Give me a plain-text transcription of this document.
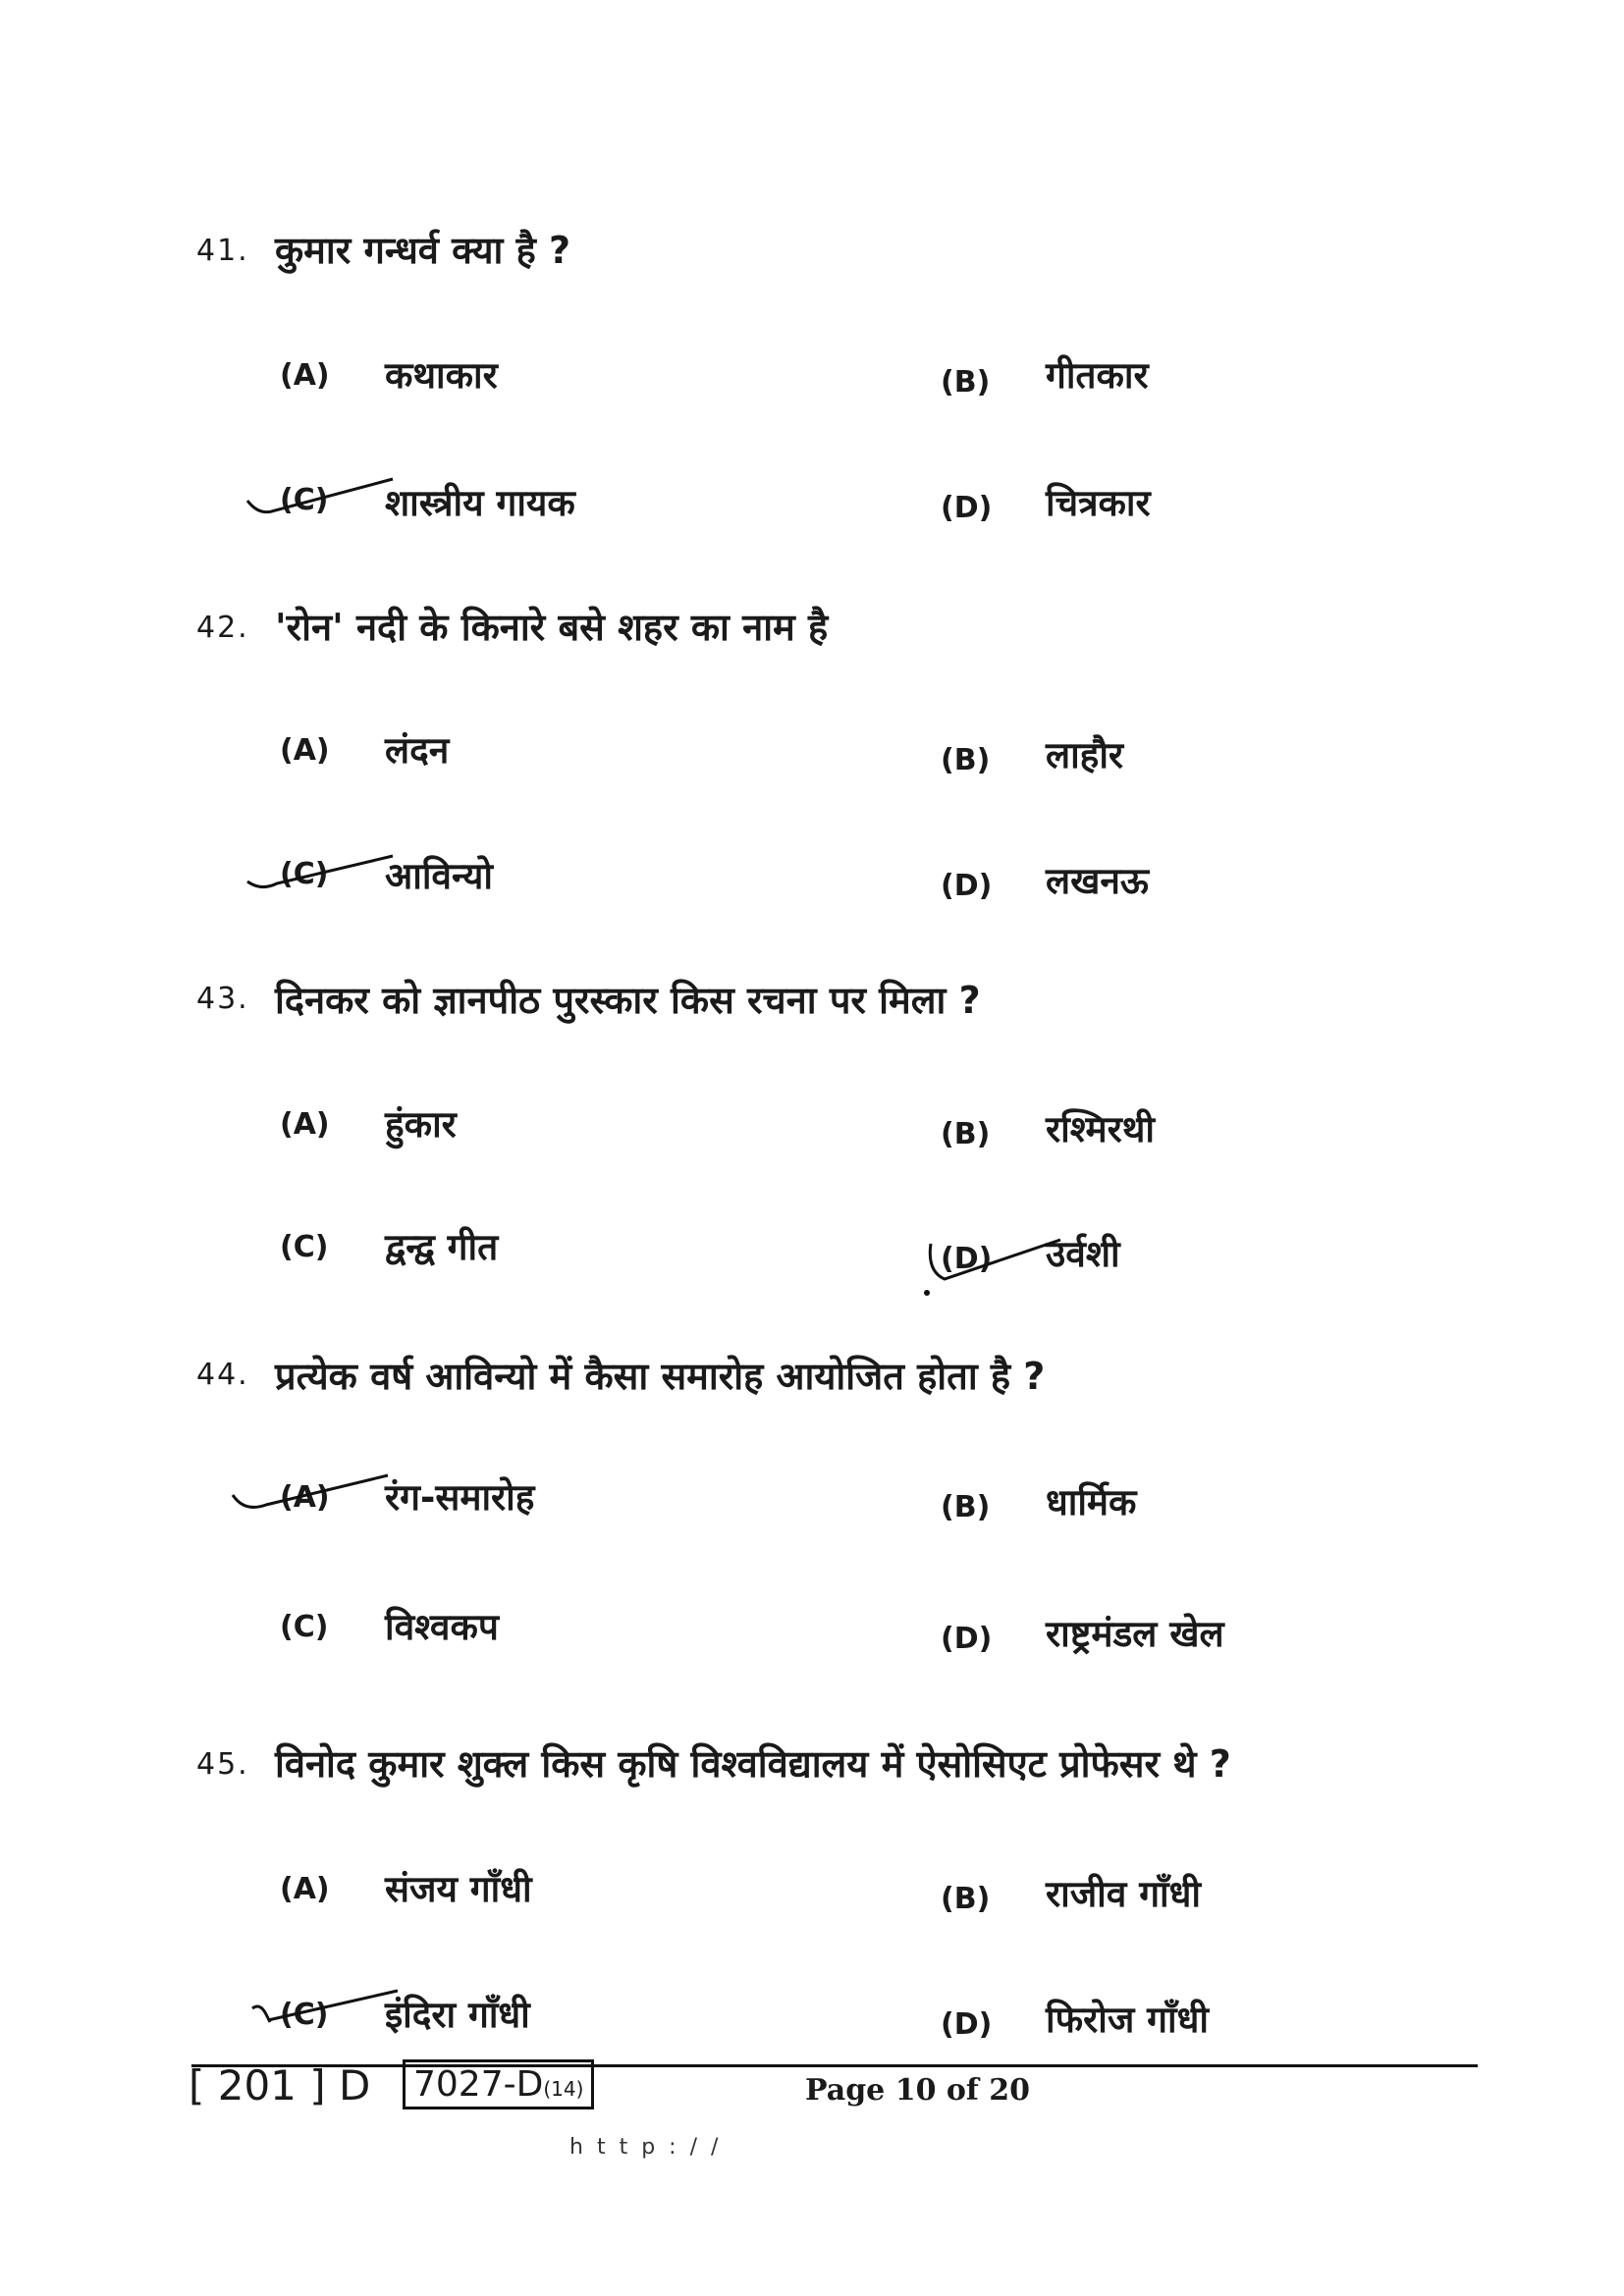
41. कुमार गन्धर्व क्या है ?
(A) कथाकार	(B) गीतकार
(C) शास्त्रीय गायक	(D) चित्रकार
42. 'रोन' नदी के किनारे बसे शहर का नाम है
(A) लंदन	(B) लाहौर
(C) आविन्यो	(D) लखनऊ
43. दिनकर को ज्ञानपीठ पुरस्कार किस रचना पर मिला ?
(A) हुंकार	(B) रश्मिरथी
(C) द्वन्द्व गीत	(D) उर्वशी
44. प्रत्येक वर्ष आविन्यो में कैसा समारोह आयोजित होता है ?
(A) रंग-समारोह	(B) धार्मिक
(C) विश्वकप	(D) राष्ट्रमंडल खेल
45. विनोद कुमार शुक्ल किस कृषि विश्वविद्यालय में ऐसोसिएट प्रोफेसर थे ?
(A) संजय गाँधी	(B) राजीव गाँधी
(C) इंदिरा गाँधी	(D) फिरोज गाँधी
[ 201 ] D	7027-D(14)	Page 10 of 20
http://
